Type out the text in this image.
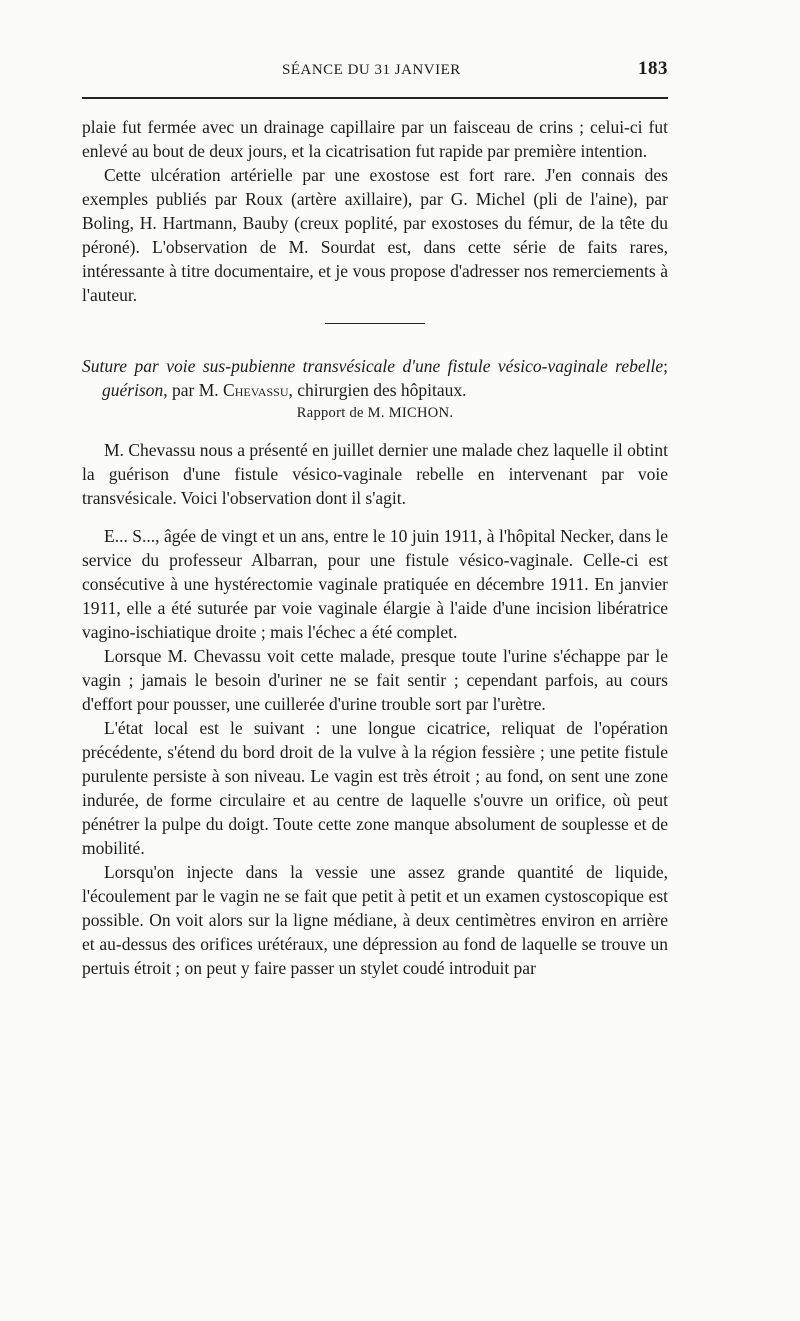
SÉANCE DU 31 JANVIER	183

plaie fut fermée avec un drainage capillaire par un faisceau de crins ; celui-ci fut enlevé au bout de deux jours, et la cicatrisation fut rapide par première intention.

Cette ulcération artérielle par une exostose est fort rare. J'en connais des exemples publiés par Roux (artère axillaire), par G. Michel (pli de l'aine), par Boling, H. Hartmann, Bauby (creux poplité, par exostoses du fémur, de la tête du péroné). L'observation de M. Sourdat est, dans cette série de faits rares, intéressante à titre documentaire, et je vous propose d'adresser nos remerciements à l'auteur.

Suture par voie sus-pubienne transvésicale d'une fistule vésico-vaginale rebelle; guérison, par M. Chevassu, chirurgien des hôpitaux.
Rapport de M. MICHON.

M. Chevassu nous a présenté en juillet dernier une malade chez laquelle il obtint la guérison d'une fistule vésico-vaginale rebelle en intervenant par voie transvésicale. Voici l'observation dont il s'agit.

E... S..., âgée de vingt et un ans, entre le 10 juin 1911, à l'hôpital Necker, dans le service du professeur Albarran, pour une fistule vésico-vaginale. Celle-ci est consécutive à une hystérectomie vaginale pratiquée en décembre 1911. En janvier 1911, elle a été suturée par voie vaginale élargie à l'aide d'une incision libératrice vagino-ischiatique droite ; mais l'échec a été complet.

Lorsque M. Chevassu voit cette malade, presque toute l'urine s'échappe par le vagin ; jamais le besoin d'uriner ne se fait sentir ; cependant parfois, au cours d'effort pour pousser, une cuillerée d'urine trouble sort par l'urètre.

L'état local est le suivant : une longue cicatrice, reliquat de l'opération précédente, s'étend du bord droit de la vulve à la région fessière ; une petite fistule purulente persiste à son niveau. Le vagin est très étroit ; au fond, on sent une zone indurée, de forme circulaire et au centre de laquelle s'ouvre un orifice, où peut pénétrer la pulpe du doigt. Toute cette zone manque absolument de souplesse et de mobilité.

Lorsqu'on injecte dans la vessie une assez grande quantité de liquide, l'écoulement par le vagin ne se fait que petit à petit et un examen cystoscopique est possible. On voit alors sur la ligne médiane, à deux centimètres environ en arrière et au-dessus des orifices urétéraux, une dépression au fond de laquelle se trouve un pertuis étroit ; on peut y faire passer un stylet coudé introduit par
